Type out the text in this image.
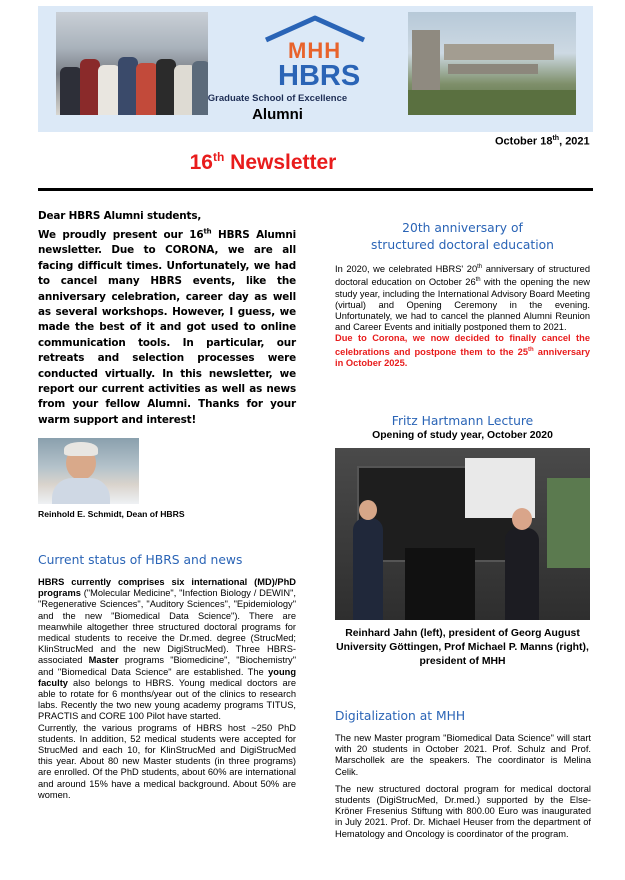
MHH
HBRS
Graduate School of Excellence
Alumni
October 18th, 2021
16th Newsletter
Dear HBRS Alumni students,
We proudly present our 16th HBRS Alumni newsletter. Due to CORONA, we are all facing difficult times. Unfortunately, we had to cancel many HBRS events, like the anniversary celebration, career day as well as several workshops. However, I guess, we made the best of it and got used to online communication tools. In particular, our retreats and selection processes were conducted virtually. In this newsletter, we report our current activities as well as news from your fellow Alumni. Thanks for your warm support and interest!
Reinhold E. Schmidt, Dean of HBRS
Current status of HBRS and news

HBRS currently comprises six international (MD)/PhD programs ("Molecular Medicine", "Infection Biology / DEWIN", "Regenerative Sciences", "Auditory Sciences", "Epidemiology" and the new "Biomedical Data Science"). There are meanwhile altogether three structured doctoral programs for medical students to receive the Dr.med. degree (StrucMed; KlinStrucMed and the new DigiStrucMed). Three HBRS-associated Master programs "Biomedicine", "Biochemistry" and "Biomedical Data Science" are established. The young faculty also belongs to HBRS. Young medical doctors are able to rotate for 6 months/year out of the clinics to research labs. Recently the two new young academy programs TITUS, PRACTIS and CORE 100 Pilot have started.

Currently, the various programs of HBRS host ~250 PhD students. In addition, 52 medical students were accepted for StrucMed and each 10, for KlinStrucMed and DigiStrucMed this year. About 80 new Master students (in three programs) are enrolled. Of the PhD students, about 60% are international and around 15% have a medical background. About 50% are women.

20th anniversary of
structured doctoral education

In 2020, we celebrated HBRS' 20th anniversary of structured doctoral education on October 26th with the opening the new study year, including the International Advisory Board Meeting (virtual) and Opening Ceremony in the evening. Unfortunately, we had to cancel the planned Alumni Reunion and Career Events and initially postponed them to 2021.

Due to Corona, we now decided to finally cancel the celebrations and postpone them to the 25th anniversary in October 2025.

Fritz Hartmann Lecture
Opening of study year, October 2020
Reinhard Jahn (left), president of Georg August University Göttingen, Prof Michael P. Manns (right), president of MHH
Digitalization at MHH

The new Master program "Biomedical Data Science" will start with 20 students in October 2021. Prof. Schulz and Prof. Marschollek are the speakers. The coordinator is Melina Celik.

The new structured doctoral program for medical doctoral students (DigiStrucMed, Dr.med.) supported by the Else-Kröner Fresenius Stiftung with 800.00 Euro was inaugurated in July 2021. Prof. Dr. Michael Heuser from the department of Hematology and Oncology is coordinator of the program.
